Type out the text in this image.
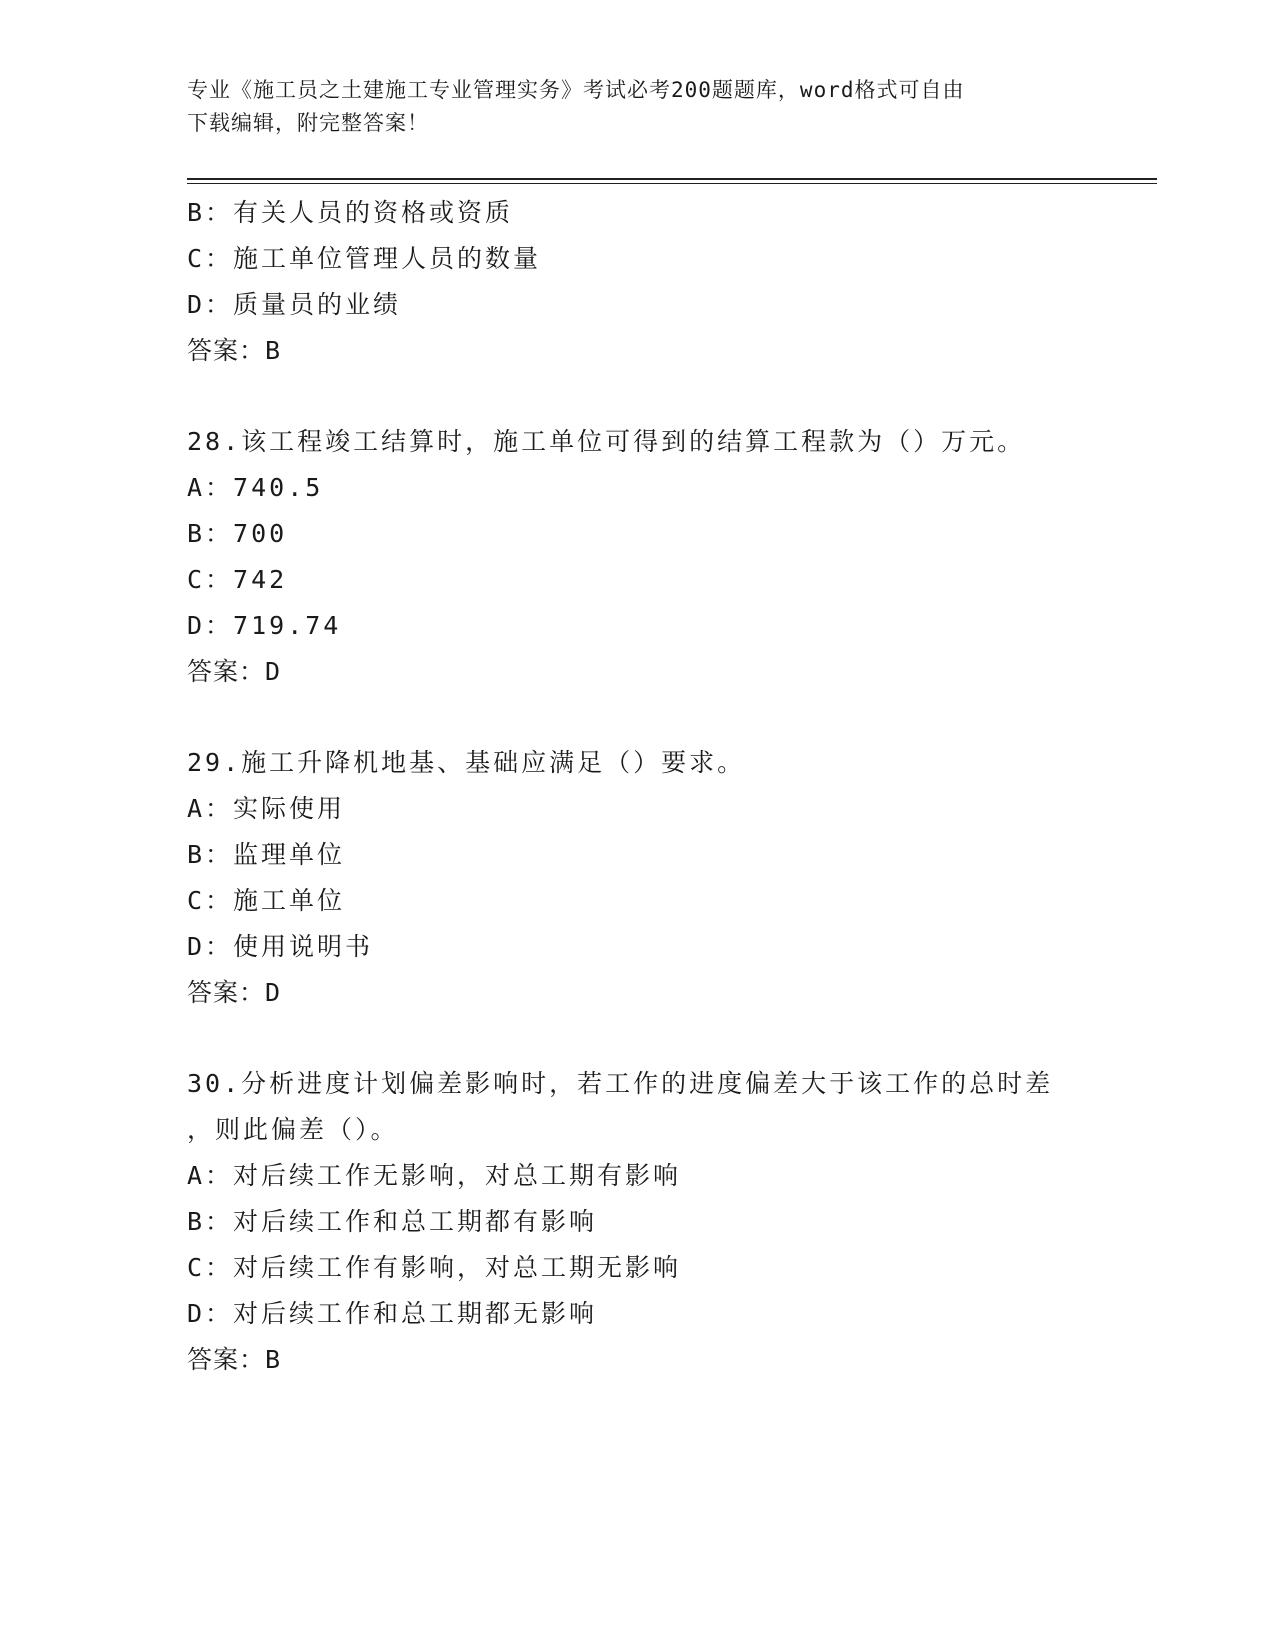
专业《施工员之土建施工专业管理实务》考试必考200题题库，word格式可自由
下载编辑，附完整答案！
B：有关人员的资格或资质
C：施工单位管理人员的数量
D：质量员的业绩
答案：B
28.该工程竣工结算时，施工单位可得到的结算工程款为（）万元。
A：740.5
B：700
C：742
D：719.74
答案：D
29.施工升降机地基、基础应满足（）要求。
A：实际使用
B：监理单位
C：施工单位
D：使用说明书
答案：D
30.分析进度计划偏差影响时，若工作的进度偏差大于该工作的总时差
，则此偏差（）。
A：对后续工作无影响，对总工期有影响
B：对后续工作和总工期都有影响
C：对后续工作有影响，对总工期无影响
D：对后续工作和总工期都无影响
答案：B
